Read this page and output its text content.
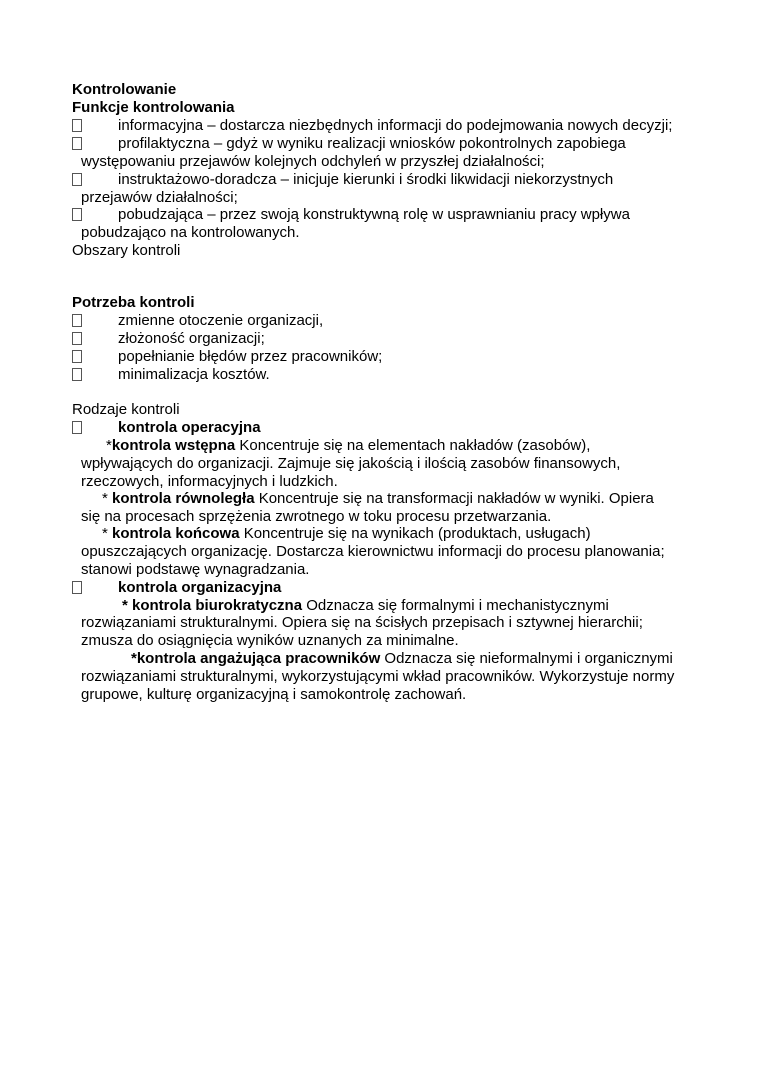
Kontrolowanie
Funkcje kontrolowania
informacyjna – dostarcza niezbędnych informacji do podejmowania nowych decyzji;
profilaktyczna – gdyż w wyniku realizacji wniosków pokontrolnych zapobiega
występowaniu przejawów kolejnych odchyleń w przyszłej działalności;
instruktażowo-doradcza – inicjuje kierunki i środki likwidacji niekorzystnych
przejawów działalności;
pobudzająca – przez swoją konstruktywną rolę w usprawnianiu pracy wpływa
pobudzająco na kontrolowanych.
Obszary kontroli
Potrzeba kontroli
zmienne otoczenie organizacji,
złożoność organizacji;
popełnianie błędów przez pracowników;
minimalizacja kosztów.
Rodzaje kontroli
kontrola operacyjna
*kontrola wstępna Koncentruje się na elementach nakładów (zasobów),
wpływających do organizacji. Zajmuje się jakością i ilością zasobów finansowych,
rzeczowych, informacyjnych i ludzkich.
* kontrola równoległa Koncentruje się na transformacji nakładów w wyniki. Opiera
się na procesach sprzężenia zwrotnego w toku procesu przetwarzania.
* kontrola końcowa Koncentruje się na wynikach (produktach, usługach)
opuszczających organizację. Dostarcza kierownictwu informacji do procesu planowania;
stanowi podstawę wynagradzania.
kontrola organizacyjna
* kontrola biurokratyczna Odznacza się formalnymi i mechanistycznymi
rozwiązaniami strukturalnymi. Opiera się na ścisłych przepisach i sztywnej hierarchii;
zmusza do osiągnięcia wyników uznanych za minimalne.
*kontrola angażująca pracowników Odznacza się nieformalnymi i organicznymi
rozwiązaniami strukturalnymi, wykorzystującymi wkład pracowników. Wykorzystuje normy
grupowe, kulturę organizacyjną i samokontrolę zachowań.
